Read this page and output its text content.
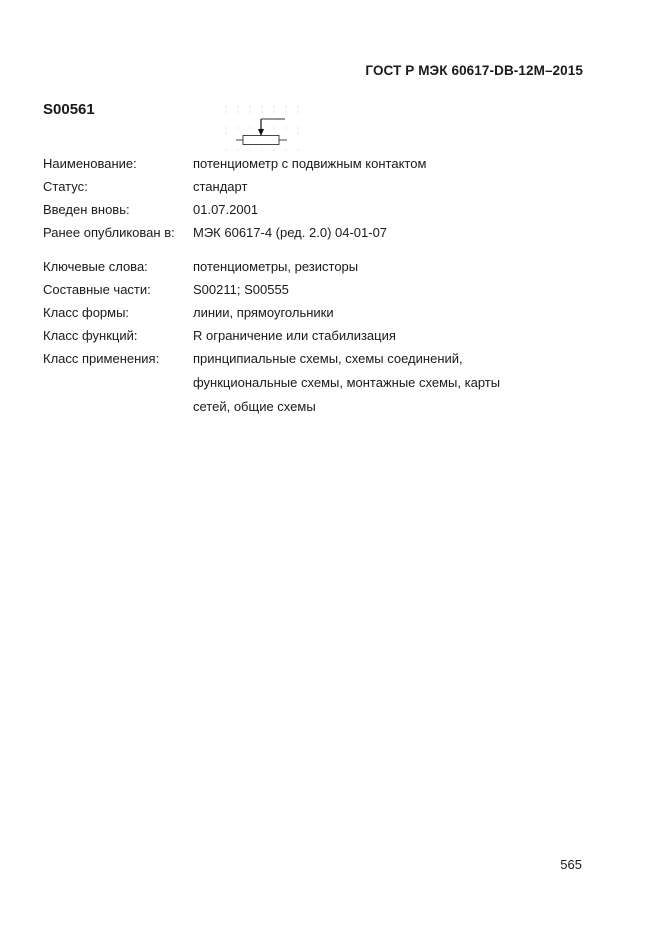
ГОСТ Р МЭК 60617-DB-12M–2015
S00561
Наименование:	потенциометр с подвижным контактом
Статус:	стандарт
Введен вновь:	01.07.2001
Ранее опубликован в:	МЭК 60617-4 (ред. 2.0) 04-01-07
Ключевые слова:	потенциометры, резисторы
Составные части:	S00211; S00555
Класс формы:	линии, прямоугольники
Класс функций:	R ограничение или стабилизация
Класс применения:	принципиальные схемы, схемы соединений,
функциональные схемы, монтажные схемы, карты
сетей, общие схемы
565
